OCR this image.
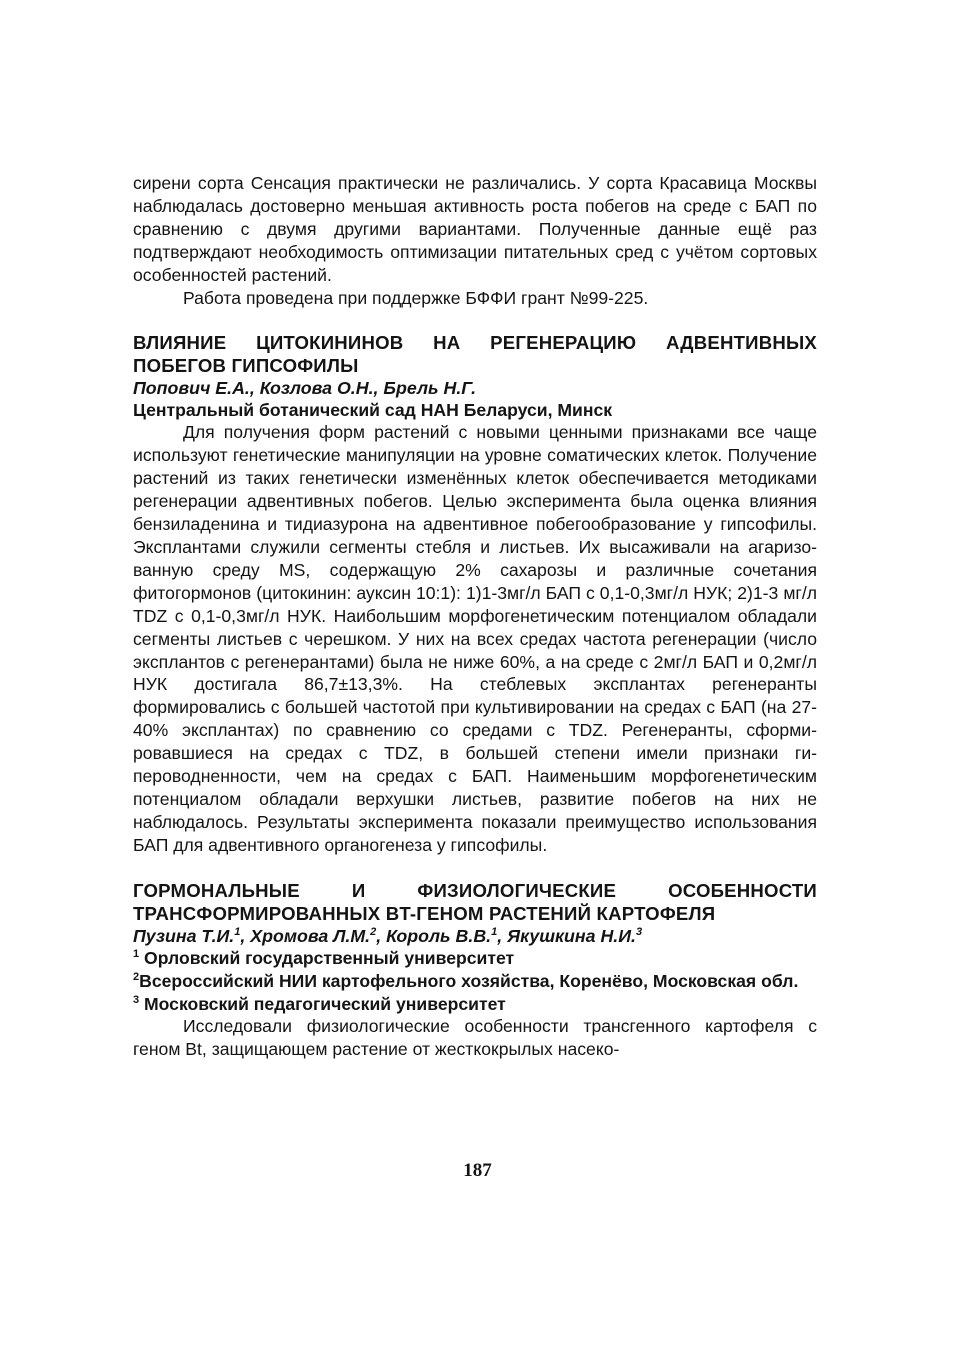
сирени сорта Сенсация практически не различались. У сорта Красавица Москвы наблюдалась достоверно меньшая активность роста побегов на среде с БАП по сравнению с двумя другими вариантами. Полученные данные ещё раз подтверждают необходимость оптимизации питательных сред с учётом сортовых особенностей растений.

Работа проведена при поддержке БФФИ грант №99-225.

ВЛИЯНИЕ ЦИТОКИНИНОВ НА РЕГЕНЕРАЦИЮ АДВЕНТИВНЫХ ПОБЕГОВ ГИПСОФИЛЫ
Попович Е.А., Козлова О.Н., Брель Н.Г.
Центральный ботанический сад НАН Беларуси, Минск

Для получения форм растений с новыми ценными признаками все чаще используют генетические манипуляции на уровне соматических клеток. Получение растений из таких генетически изменённых клеток обеспечивается методиками регенерации адвентивных побегов. Целью эксперимента была оценка влияния бензиладенина и тидиазурона на адвентивное побегообразование у гипсофилы. Эксплантами служили сегменты стебля и листьев. Их высаживали на агаризованную среду MS, содержащую 2% сахарозы и различные сочетания фитогормонов (цитокинин: ауксин 10:1): 1)1-3мг/л БАП с 0,1-0,3мг/л НУК; 2)1-3 мг/л TDZ с 0,1-0,3мг/л НУК. Наибольшим морфогенетическим потенциалом обладали сегменты листьев с черешком. У них на всех средах частота регенерации (число эксплантов с регенерантами) была не ниже 60%, а на среде с 2мг/л БАП и 0,2мг/л НУК достигала 86,7±13,3%. На стеблевых эксплантах регенеранты формировались с большей частотой при культивировании на средах с БАП (на 27-40% эксплантах) по сравнению со средами с TDZ. Регенеранты, сформировавшиеся на средах с TDZ, в большей степени имели признаки гипероводненности, чем на средах с БАП. Наименьшим морфогенетическим потенциалом обладали верхушки листьев, развитие побегов на них не наблюдалось. Результаты эксперимента показали преимущество использования БАП для адвентивного органогенеза у гипсофилы.

ГОРМОНАЛЬНЫЕ И ФИЗИОЛОГИЧЕСКИЕ ОСОБЕННОСТИ ТРАНСФОРМИРОВАННЫХ BT-ГЕНОМ РАСТЕНИЙ КАРТОФЕЛЯ
Пузина Т.И.$^1$, Хромова Л.М.$^2$, Король В.В.$^1$, Якушкина Н.И.$^3$
$^1$ Орловский государственный университет
$^2$Всероссийский НИИ картофельного хозяйства, Коренёво, Московская обл.
$^3$ Московский педагогический университет

Исследовали физиологические особенности трансгенного картофеля с геном Bt, защищающем растение от жесткокрылых насеко-

187
